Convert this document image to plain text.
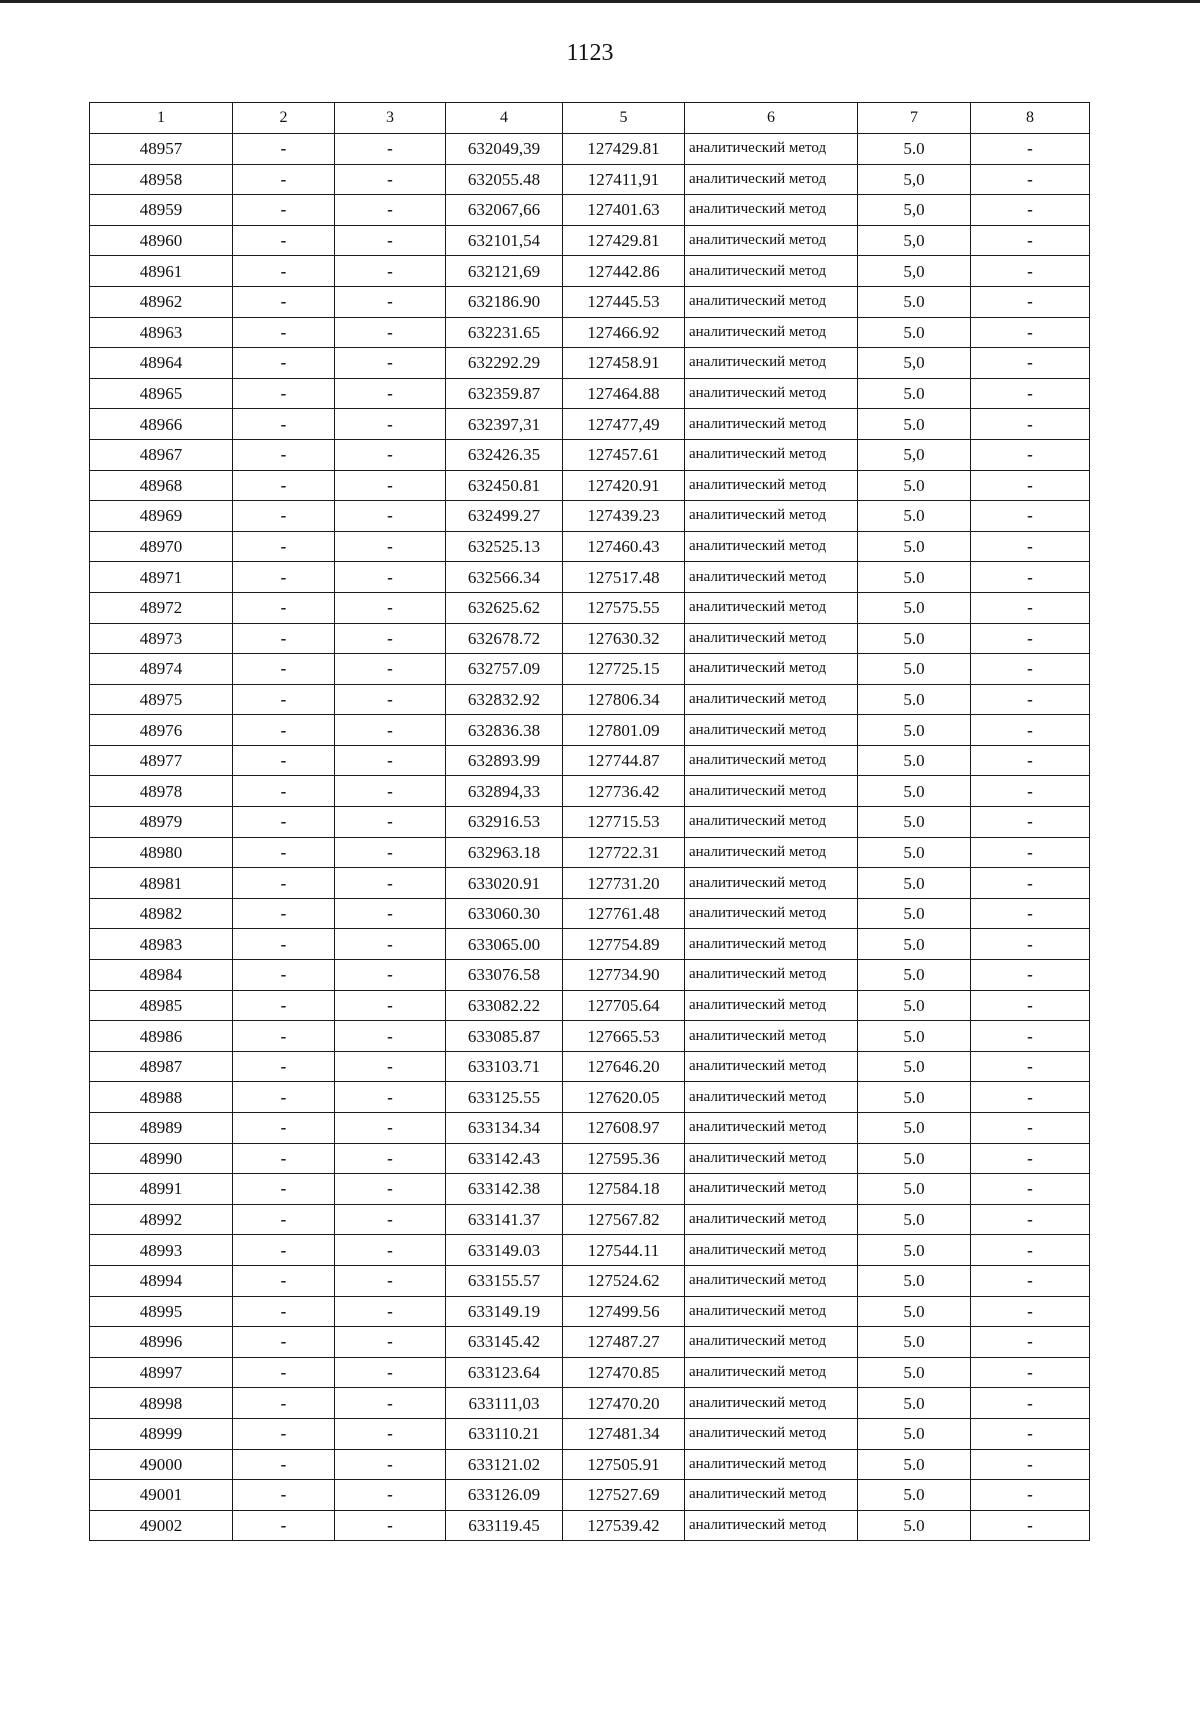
1123
1	2	3	4	5	6	7	8
48957	-	-	632049,39	127429.81	аналитический метод	5.0	-
48958	-	-	632055.48	127411,91	аналитический метод	5,0	-
48959	-	-	632067,66	127401.63	аналитический метод	5,0	-
48960	-	-	632101,54	127429.81	аналитический метод	5,0	-
48961	-	-	632121,69	127442.86	аналитический метод	5,0	-
48962	-	-	632186.90	127445.53	аналитический метод	5.0	-
48963	-	-	632231.65	127466.92	аналитический метод	5.0	-
48964	-	-	632292.29	127458.91	аналитический метод	5,0	-
48965	-	-	632359.87	127464.88	аналитический метод	5.0	-
48966	-	-	632397,31	127477,49	аналитический метод	5.0	-
48967	-	-	632426.35	127457.61	аналитический метод	5,0	-
48968	-	-	632450.81	127420.91	аналитический метод	5.0	-
48969	-	-	632499.27	127439.23	аналитический метод	5.0	-
48970	-	-	632525.13	127460.43	аналитический метод	5.0	-
48971	-	-	632566.34	127517.48	аналитический метод	5.0	-
48972	-	-	632625.62	127575.55	аналитический метод	5.0	-
48973	-	-	632678.72	127630.32	аналитический метод	5.0	-
48974	-	-	632757.09	127725.15	аналитический метод	5.0	-
48975	-	-	632832.92	127806.34	аналитический метод	5.0	-
48976	-	-	632836.38	127801.09	аналитический метод	5.0	-
48977	-	-	632893.99	127744.87	аналитический метод	5.0	-
48978	-	-	632894,33	127736.42	аналитический метод	5.0	-
48979	-	-	632916.53	127715.53	аналитический метод	5.0	-
48980	-	-	632963.18	127722.31	аналитический метод	5.0	-
48981	-	-	633020.91	127731.20	аналитический метод	5.0	-
48982	-	-	633060.30	127761.48	аналитический метод	5.0	-
48983	-	-	633065.00	127754.89	аналитический метод	5.0	-
48984	-	-	633076.58	127734.90	аналитический метод	5.0	-
48985	-	-	633082.22	127705.64	аналитический метод	5.0	-
48986	-	-	633085.87	127665.53	аналитический метод	5.0	-
48987	-	-	633103.71	127646.20	аналитический метод	5.0	-
48988	-	-	633125.55	127620.05	аналитический метод	5.0	-
48989	-	-	633134.34	127608.97	аналитический метод	5.0	-
48990	-	-	633142.43	127595.36	аналитический метод	5.0	-
48991	-	-	633142.38	127584.18	аналитический метод	5.0	-
48992	-	-	633141.37	127567.82	аналитический метод	5.0	-
48993	-	-	633149.03	127544.11	аналитический метод	5.0	-
48994	-	-	633155.57	127524.62	аналитический метод	5.0	-
48995	-	-	633149.19	127499.56	аналитический метод	5.0	-
48996	-	-	633145.42	127487.27	аналитический метод	5.0	-
48997	-	-	633123.64	127470.85	аналитический метод	5.0	-
48998	-	-	633111,03	127470.20	аналитический метод	5.0	-
48999	-	-	633110.21	127481.34	аналитический метод	5.0	-
49000	-	-	633121.02	127505.91	аналитический метод	5.0	-
49001	-	-	633126.09	127527.69	аналитический метод	5.0	-
49002	-	-	633119.45	127539.42	аналитический метод	5.0	-
